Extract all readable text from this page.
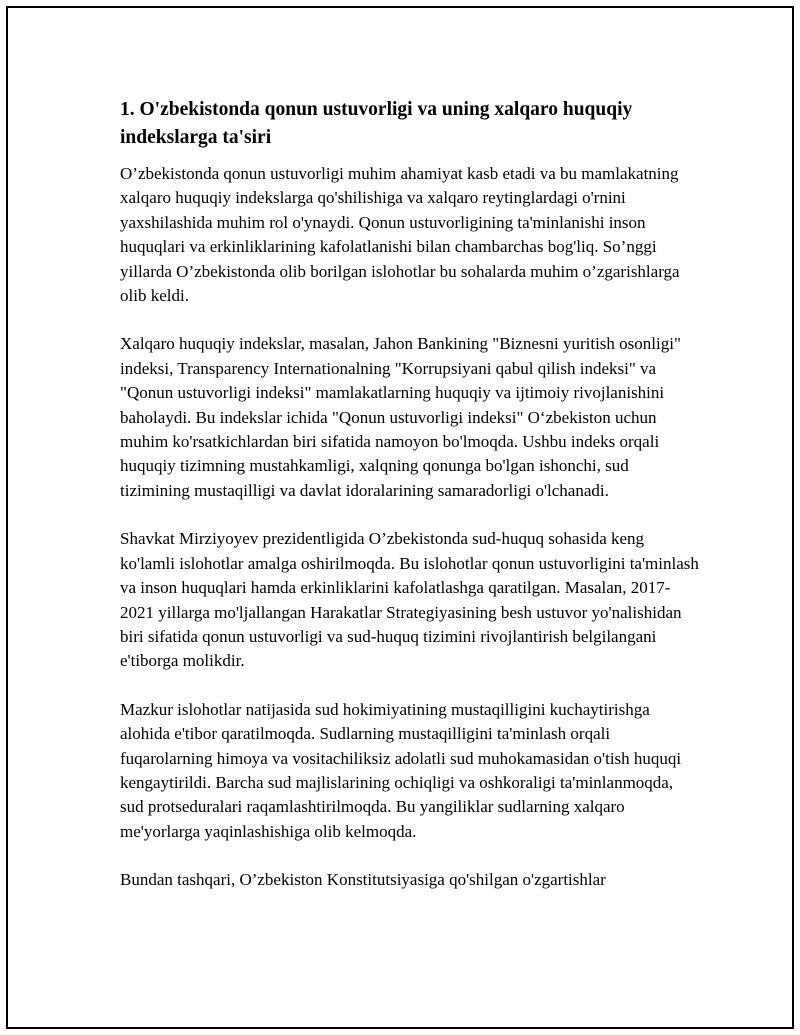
1. O'zbekistonda qonun ustuvorligi va uning xalqaro huquqiy indekslarga ta'siri

O’zbekistonda qonun ustuvorligi muhim ahamiyat kasb etadi va bu mamlakatning xalqaro huquqiy indekslarga qo'shilishiga va xalqaro reytinglardagi o'rnini yaxshilashida muhim rol o'ynaydi. Qonun ustuvorligining ta'minlanishi inson huquqlari va erkinliklarining kafolatlanishi bilan chambarchas bog'liq. So’nggi yillarda O’zbekistonda olib borilgan islohotlar bu sohalarda muhim o’zgarishlarga olib keldi.

Xalqaro huquqiy indekslar, masalan, Jahon Bankining "Biznesni yuritish osonligi" indeksi, Transparency Internationalning "Korrupsiyani qabul qilish indeksi" va "Qonun ustuvorligi indeksi" mamlakatlarning huquqiy va ijtimoiy rivojlanishini baholaydi. Bu indekslar ichida "Qonun ustuvorligi indeksi" O‘zbekiston uchun muhim ko'rsatkichlardan biri sifatida namoyon bo'lmoqda. Ushbu indeks orqali huquqiy tizimning mustahkamligi, xalqning qonunga bo'lgan ishonchi, sud tizimining mustaqilligi va davlat idoralarining samaradorligi o'lchanadi.

Shavkat Mirziyoyev prezidentligida O’zbekistonda sud-huquq sohasida keng ko'lamli islohotlar amalga oshirilmoqda. Bu islohotlar qonun ustuvorligini ta'minlash va inson huquqlari hamda erkinliklarini kafolatlashga qaratilgan. Masalan, 2017-2021 yillarga mo'ljallangan Harakatlar Strategiyasining besh ustuvor yo'nalishidan biri sifatida qonun ustuvorligi va sud-huquq tizimini rivojlantirish belgilangani e'tiborga molikdir.

Mazkur islohotlar natijasida sud hokimiyatining mustaqilligini kuchaytirishga alohida e'tibor qaratilmoqda. Sudlarning mustaqilligini ta'minlash orqali fuqarolarning himoya va vositachiliksiz adolatli sud muhokamasidan o'tish huquqi kengaytirildi. Barcha sud majlislarining ochiqligi va oshkoraligi ta'minlanmoqda, sud protseduralari raqamlashtirilmoqda. Bu yangiliklar sudlarning xalqaro me'yorlarga yaqinlashishiga olib kelmoqda.

Bundan tashqari, O’zbekiston Konstitutsiyasiga qo'shilgan o'zgartishlar
